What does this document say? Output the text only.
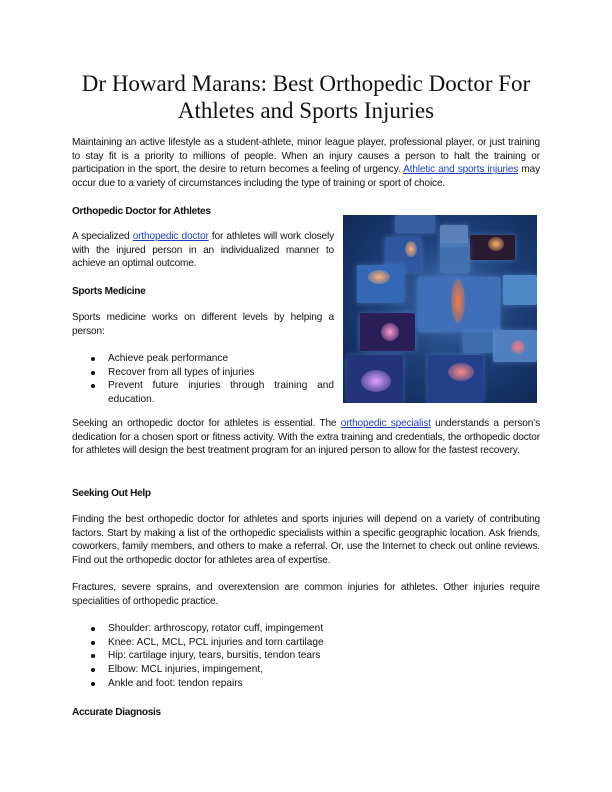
Dr Howard Marans: Best Orthopedic Doctor For Athletes and Sports Injuries
Maintaining an active lifestyle as a student-athlete, minor league player, professional player, or just training to stay fit is a priority to millions of people. When an injury causes a person to halt the training or participation in the sport, the desire to return becomes a feeling of urgency. Athletic and sports injuries may occur due to a variety of circumstances including the type of training or sport of choice.
Orthopedic Doctor for Athletes
A specialized orthopedic doctor for athletes will work closely with the injured person in an individualized manner to achieve an optimal outcome.
Sports Medicine
Sports medicine works on different levels by helping a person:
Achieve peak performance
Recover from all types of injuries
Prevent future injuries through training and education.
Seeking an orthopedic doctor for athletes is essential. The orthopedic specialist understands a person’s dedication for a chosen sport or fitness activity. With the extra training and credentials, the orthopedic doctor for athletes will design the best treatment program for an injured person to allow for the fastest recovery.
Seeking Out Help
Finding the best orthopedic doctor for athletes and sports injuries will depend on a variety of contributing factors. Start by making a list of the orthopedic specialists within a specific geographic location. Ask friends, coworkers, family members, and others to make a referral. Or, use the Internet to check out online reviews. Find out the orthopedic doctor for athletes area of expertise.
Fractures, severe sprains, and overextension are common injuries for athletes. Other injuries require specialities of orthopedic practice.
Shoulder: arthroscopy, rotator cuff, impingement
Knee: ACL, MCL, PCL injuries and torn cartilage
Hip: cartilage injury, tears, bursitis, tendon tears
Elbow: MCL injuries, impingement,
Ankle and foot: tendon repairs
Accurate Diagnosis
